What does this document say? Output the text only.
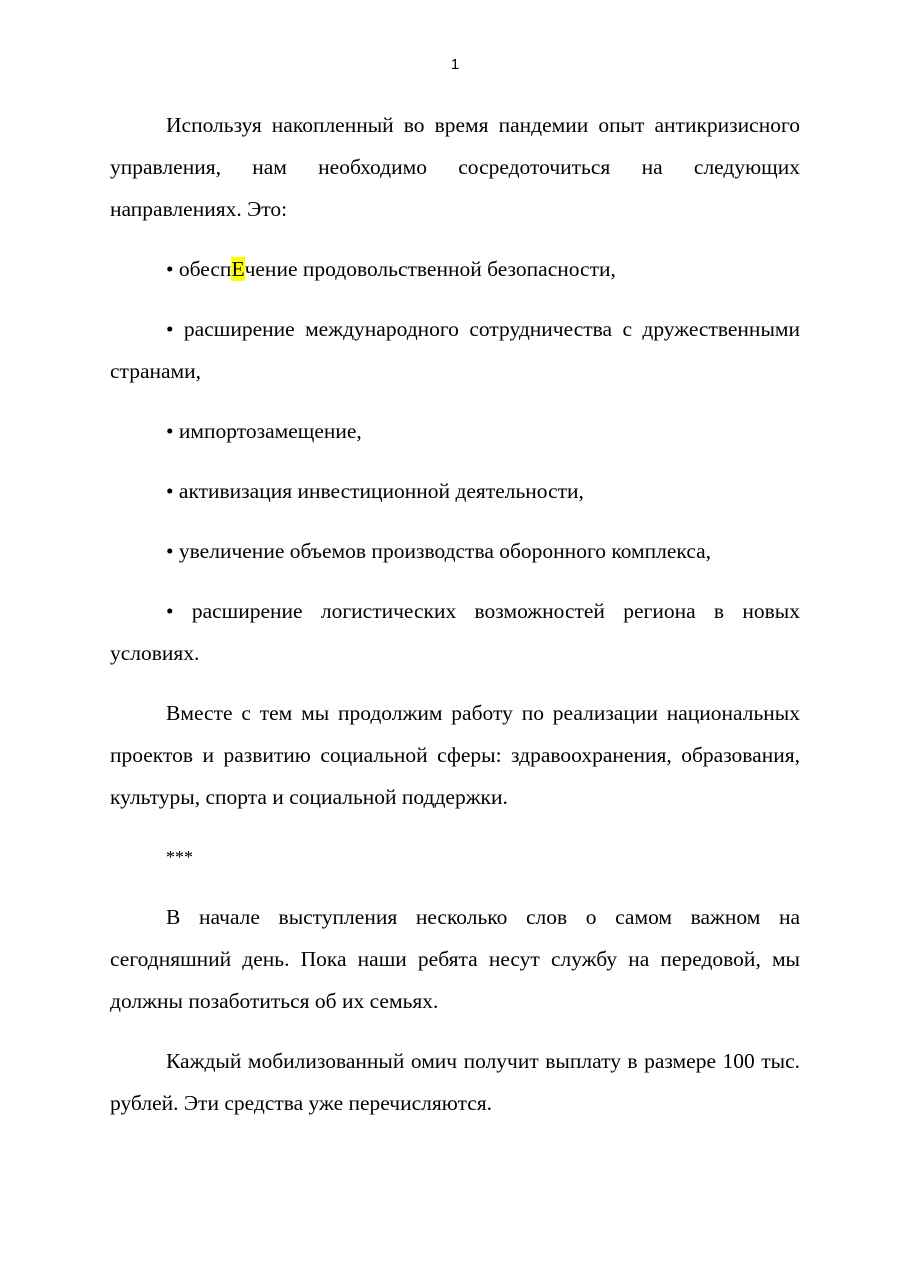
1

Используя накопленный во время пандемии опыт антикризисного управления, нам необходимо сосредоточиться на следующих направлениях. Это:

• обеспЕчение продовольственной безопасности,

• расширение международного сотрудничества с дружественными странами,

• импортозамещение,

• активизация инвестиционной деятельности,

• увеличение объемов производства оборонного комплекса,

• расширение логистических возможностей региона в новых условиях.

Вместе с тем мы продолжим работу по реализации национальных проектов и развитию социальной сферы: здравоохранения, образования, культуры, спорта и социальной поддержки.

***

В начале выступления несколько слов о самом важном на сегодняшний день. Пока наши ребята несут службу на передовой, мы должны позаботиться об их семьях.

Каждый мобилизованный омич получит выплату в размере 100 тыс. рублей. Эти средства уже перечисляются.
